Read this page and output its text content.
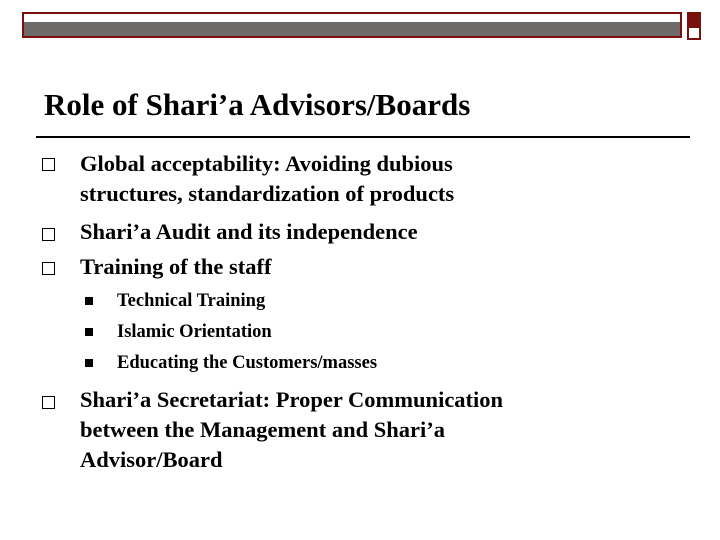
Role of Shari’a Advisors/Boards
Global acceptability: Avoiding dubious
structures, standardization of products
Shari’a Audit and its independence
Training of the staff
Technical Training
Islamic Orientation
Educating the Customers/masses
Shari’a Secretariat: Proper Communication
between the Management and Shari’a
Advisor/Board
